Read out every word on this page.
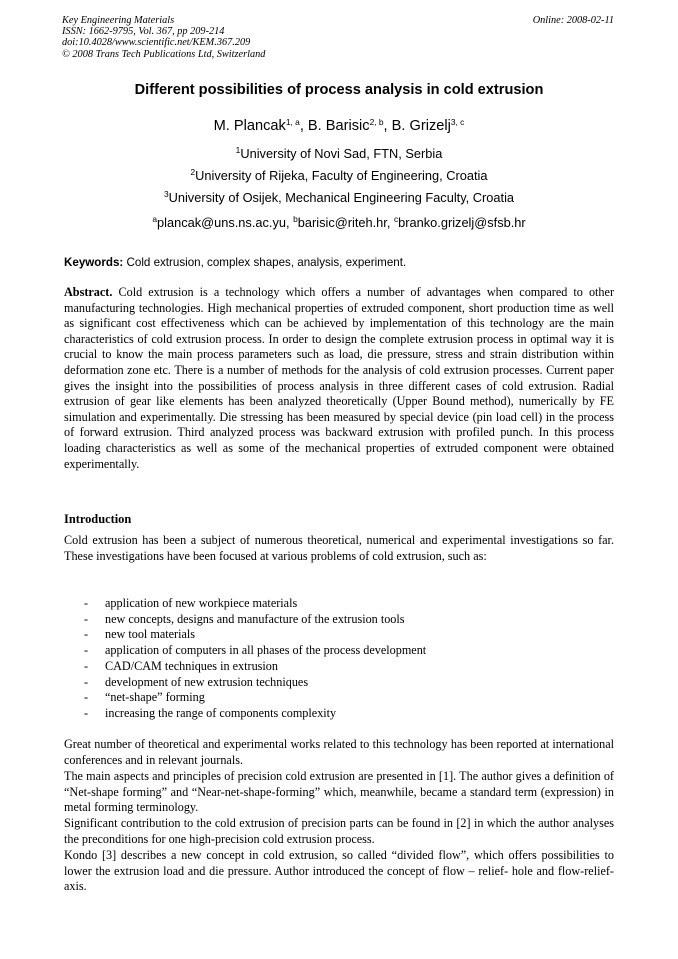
Key Engineering Materials
ISSN: 1662-9795, Vol. 367, pp 209-214
doi:10.4028/www.scientific.net/KEM.367.209
© 2008 Trans Tech Publications Ltd, Switzerland
Online: 2008-02-11
Different possibilities of process analysis in cold extrusion
M. Plancak$^{1, a}$, B. Barisic$^{2, b}$, B. Grizelj$^{3, c}$
$^1$University of Novi Sad, FTN, Serbia
$^2$University of Rijeka, Faculty of Engineering, Croatia
$^3$University of Osijek, Mechanical Engineering Faculty, Croatia
$^a$plancak@uns.ns.ac.yu, $^b$barisic@riteh.hr, $^c$branko.grizelj@sfsb.hr
Keywords: Cold extrusion, complex shapes, analysis, experiment.
Abstract. Cold extrusion is a technology which offers a number of advantages when compared to other manufacturing technologies. High mechanical properties of extruded component, short production time as well as significant cost effectiveness which can be achieved by implementation of this technology are the main characteristics of cold extrusion process. In order to design the complete extrusion process in optimal way it is crucial to know the main process parameters such as load, die pressure, stress and strain distribution within deformation zone etc. There is a number of methods for the analysis of cold extrusion processes. Current paper gives the insight into the possibilities of process analysis in three different cases of cold extrusion. Radial extrusion of gear like elements has been analyzed theoretically (Upper Bound method), numerically by FE simulation and experimentally. Die stressing has been measured by special device (pin load cell) in the process of forward extrusion. Third analyzed process was backward extrusion with profiled punch. In this process loading characteristics as well as some of the mechanical properties of extruded component were obtained experimentally.
Introduction
Cold extrusion has been a subject of numerous theoretical, numerical and experimental investigations so far. These investigations have been focused at various problems of cold extrusion, such as:
- application of new workpiece materials
- new concepts, designs and manufacture of the extrusion tools
- new tool materials
- application of computers in all phases of the process development
- CAD/CAM techniques in extrusion
- development of new extrusion techniques
- “net-shape” forming
- increasing the range of components complexity
Great number of theoretical and experimental works related to this technology has been reported at international conferences and in relevant journals.
The main aspects and principles of precision cold extrusion are presented in [1]. The author gives a definition of “Net-shape forming” and “Near-net-shape-forming” which, meanwhile, became a standard term (expression) in metal forming terminology.
Significant contribution to the cold extrusion of precision parts can be found in [2] in which the author analyses the preconditions for one high-precision cold extrusion process.
Kondo [3] describes a new concept in cold extrusion, so called “divided flow”, which offers possibilities to lower the extrusion load and die pressure. Author introduced the concept of flow – relief- hole and flow-relief-axis.
